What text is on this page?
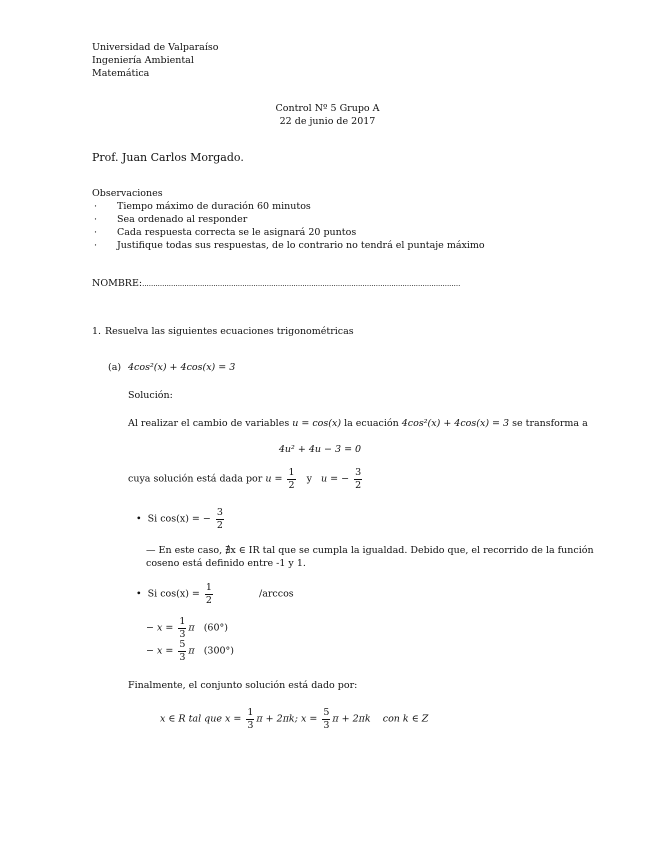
Universidad de Valparaíso
Ingeniería Ambiental
Matemática
Control Nº 5 Grupo A
22 de junio de 2017
Prof. Juan Carlos Morgado.
Observaciones
· Tiempo máximo de duración 60 minutos
· Sea ordenado al responder
· Cada respuesta correcta se le asignará 20 puntos
· Justifique todas sus respuestas, de lo contrario no tendrá el puntaje máximo
NOMBRE:...............................................................................................................................................
1. Resuelva las siguientes ecuaciones trigonométricas
(a) 4cos²(x) + 4cos(x) = 3
Solución:
Al realizar el cambio de variables u = cos(x) la ecuación 4cos²(x) + 4cos(x) = 3 se transforma a
4u² + 4u − 3 = 0
cuya solución está dada por $u = \frac{1}{2}$ y u = − $\frac{3}{2}$
• Si cos(x) = − $\frac{3}{2}$
— En este caso, ∄x ∈ IR tal que se cumpla la igualdad. Debido que, el recorrido de la función
coseno está definido entre -1 y 1.
• Si $\cos(x) = \frac{1}{2}$	/arccos
− $x = \frac{1}{3}$ π (60°)
− $x = \frac{5}{3}$ π (300°)
Finalmente, el conjunto solución está dado por:
x ∈ R tal que $x = \frac{1}{3}$ π + 2πk; $x = \frac{5}{3}$ π + 2πk con k ∈ Z
